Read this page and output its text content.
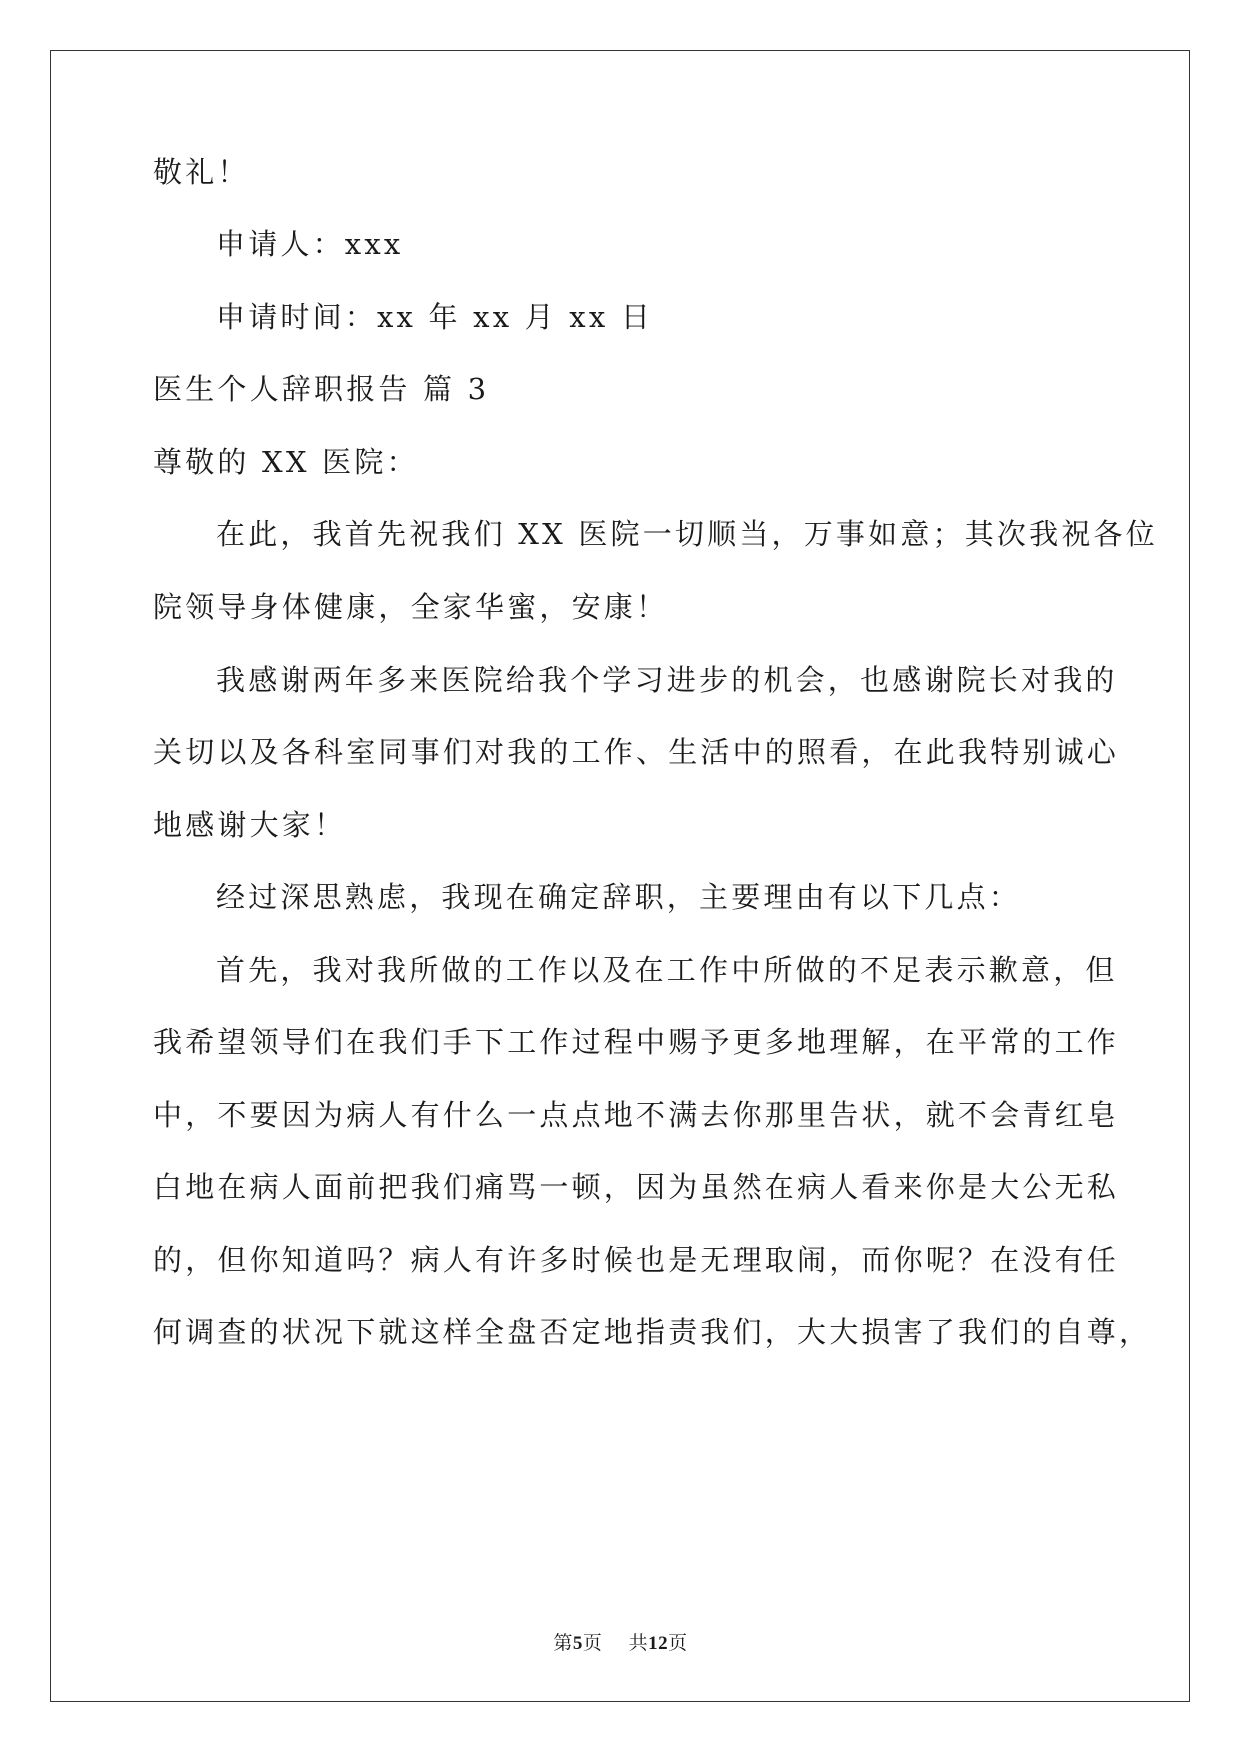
敬礼！
申请人：xxx
申请时间：xx 年 xx 月 xx 日
医生个人辞职报告 篇 3
尊敬的 XX 医院：
在此，我首先祝我们 XX 医院一切顺当，万事如意；其次我祝各位
院领导身体健康，全家华蜜，安康！
我感谢两年多来医院给我个学习进步的机会，也感谢院长对我的
关切以及各科室同事们对我的工作、生活中的照看，在此我特别诚心
地感谢大家！
经过深思熟虑，我现在确定辞职，主要理由有以下几点：
首先，我对我所做的工作以及在工作中所做的不足表示歉意，但
我希望领导们在我们手下工作过程中赐予更多地理解，在平常的工作
中，不要因为病人有什么一点点地不满去你那里告状，就不会青红皂
白地在病人面前把我们痛骂一顿，因为虽然在病人看来你是大公无私
的，但你知道吗？病人有许多时候也是无理取闹，而你呢？在没有任
何调查的状况下就这样全盘否定地指责我们，大大损害了我们的自尊，
第5页 共12页
